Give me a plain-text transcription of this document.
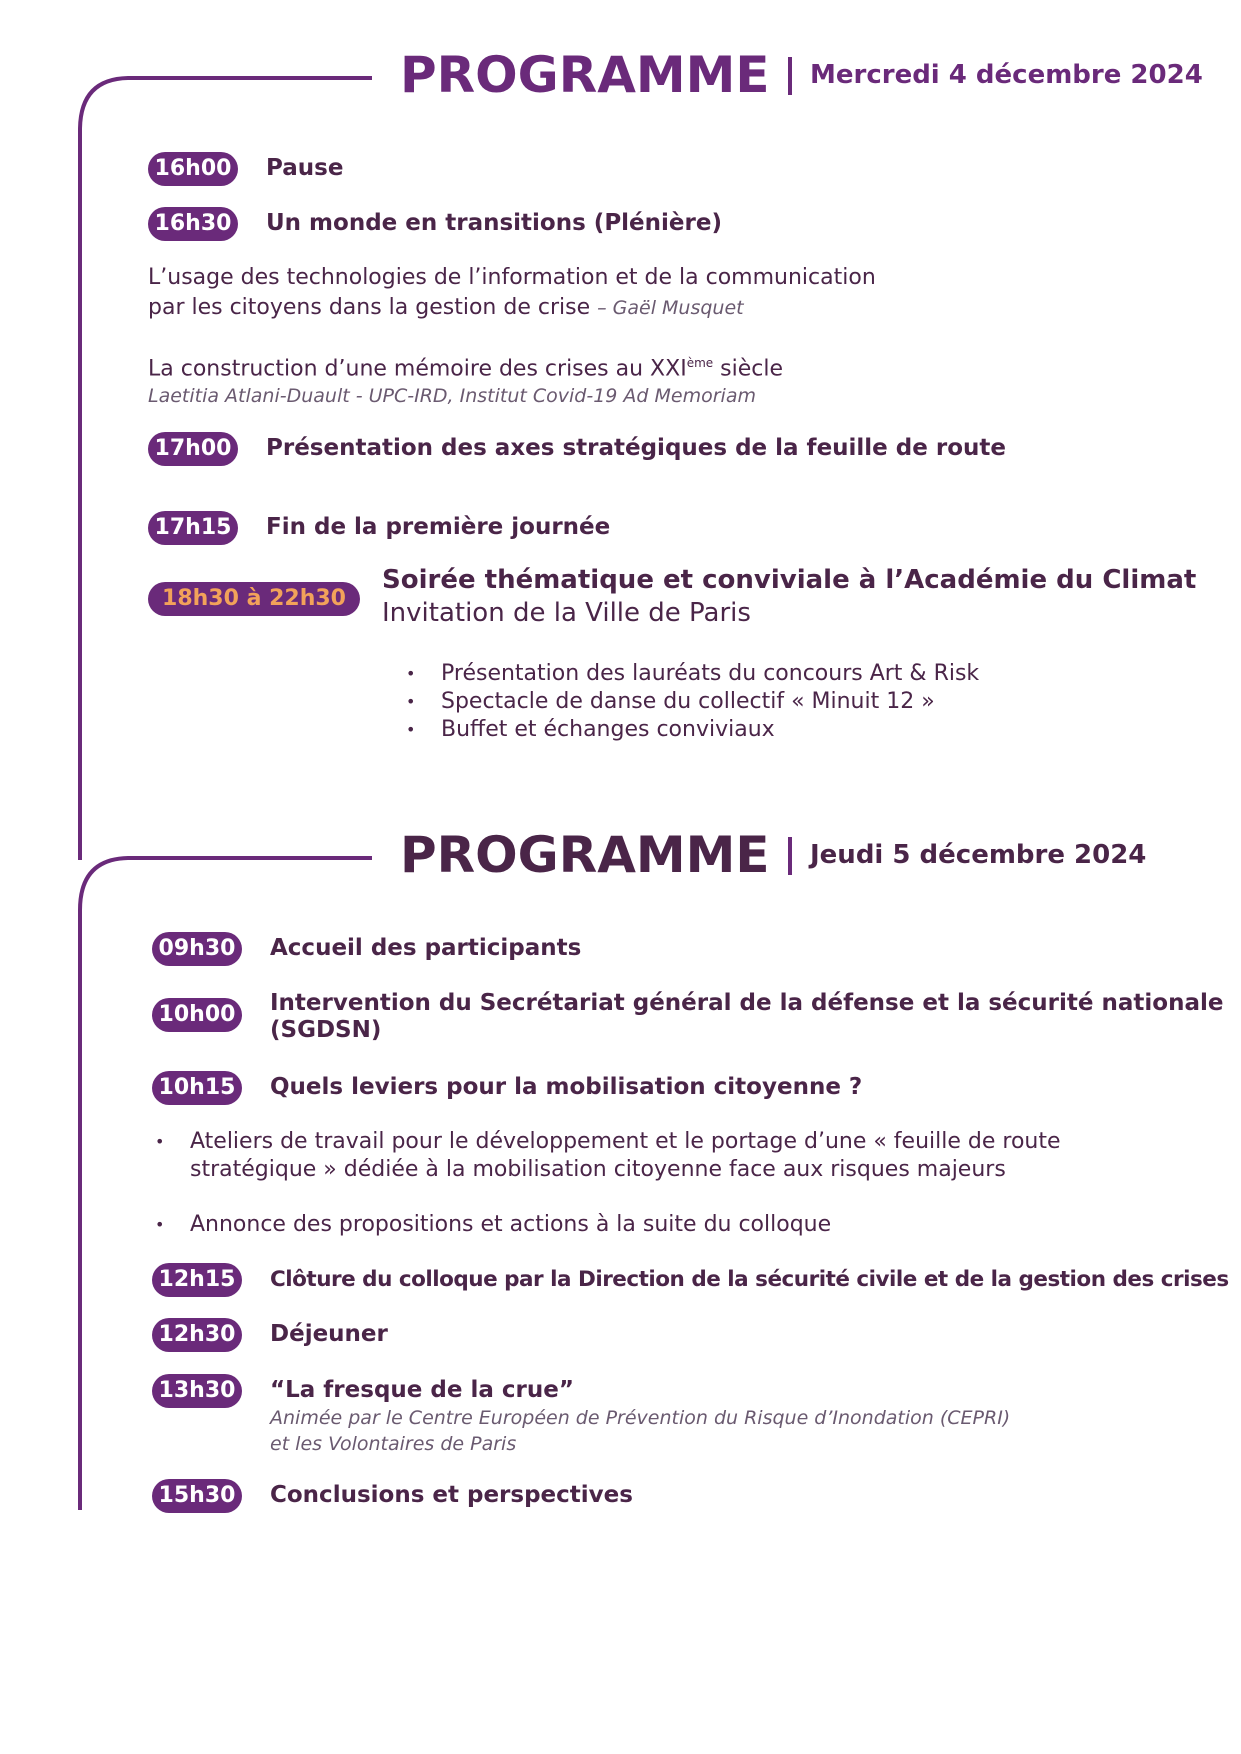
PROGRAMME Mercredi 4 décembre 2024
16h00 Pause
16h30 Un monde en transitions (Plénière)
L’usage des technologies de l’information et de la communication
par les citoyens dans la gestion de crise – Gaël Musquet
La construction d’une mémoire des crises au XXIème siècle
Laetitia Atlani-Duault - UPC-IRD, Institut Covid-19 Ad Memoriam
17h00 Présentation des axes stratégiques de la feuille de route
17h15 Fin de la première journée
18h30 à 22h30
Soirée thématique et conviviale à l’Académie du Climat
Invitation de la Ville de Paris
• Présentation des lauréats du concours Art & Risk
• Spectacle de danse du collectif « Minuit 12 »
• Buffet et échanges conviviaux
PROGRAMME Jeudi 5 décembre 2024
09h30 Accueil des participants
10h00 Intervention du Secrétariat général de la défense et la sécurité nationale
(SGDSN)
10h15 Quels leviers pour la mobilisation citoyenne ?
• Ateliers de travail pour le développement et le portage d’une « feuille de route
stratégique » dédiée à la mobilisation citoyenne face aux risques majeurs
• Annonce des propositions et actions à la suite du colloque
12h15	Clôture du colloque par la Direction de la sécurité civile et de la gestion des crises
12h30 Déjeuner
13h30 “La fresque de la crue”
Animée par le Centre Européen de Prévention du Risque d’Inondation (CEPRI)
et les Volontaires de Paris
15h30 Conclusions et perspectives
